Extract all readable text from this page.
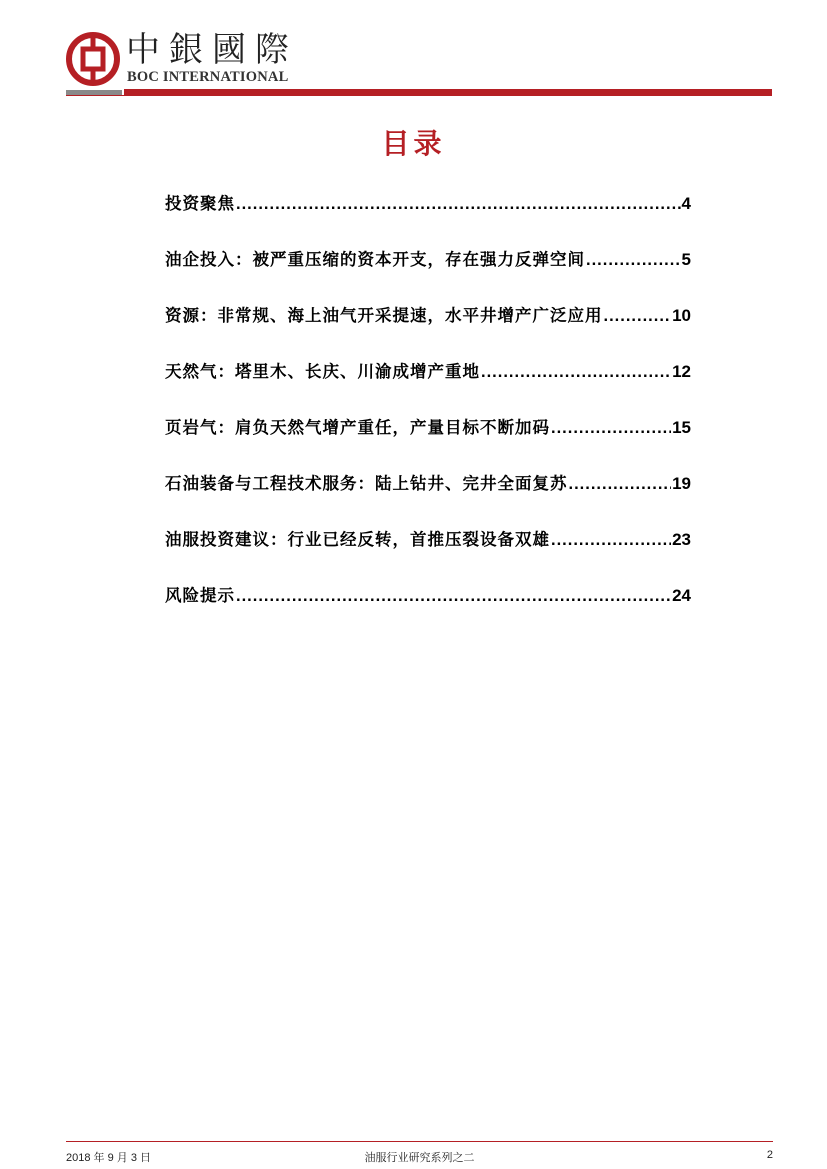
中銀國際
BOC INTERNATIONAL
目录
投资聚焦 .....	4
油企投入：被严重压缩的资本开支，存在强力反弹空间 .....	5
资源：非常规、海上油气开采提速，水平井增产广泛应用 .....	10
天然气：塔里木、长庆、川渝成增产重地 .....	12
页岩气：肩负天然气增产重任，产量目标不断加码 .....	15
石油装备与工程技术服务：陆上钻井、完井全面复苏 .....	19
油服投资建议：行业已经反转，首推压裂设备双雄 .....	23
风险提示 .....	24
油服行业研究系列之二
2018 年 9 月 3 日	2
